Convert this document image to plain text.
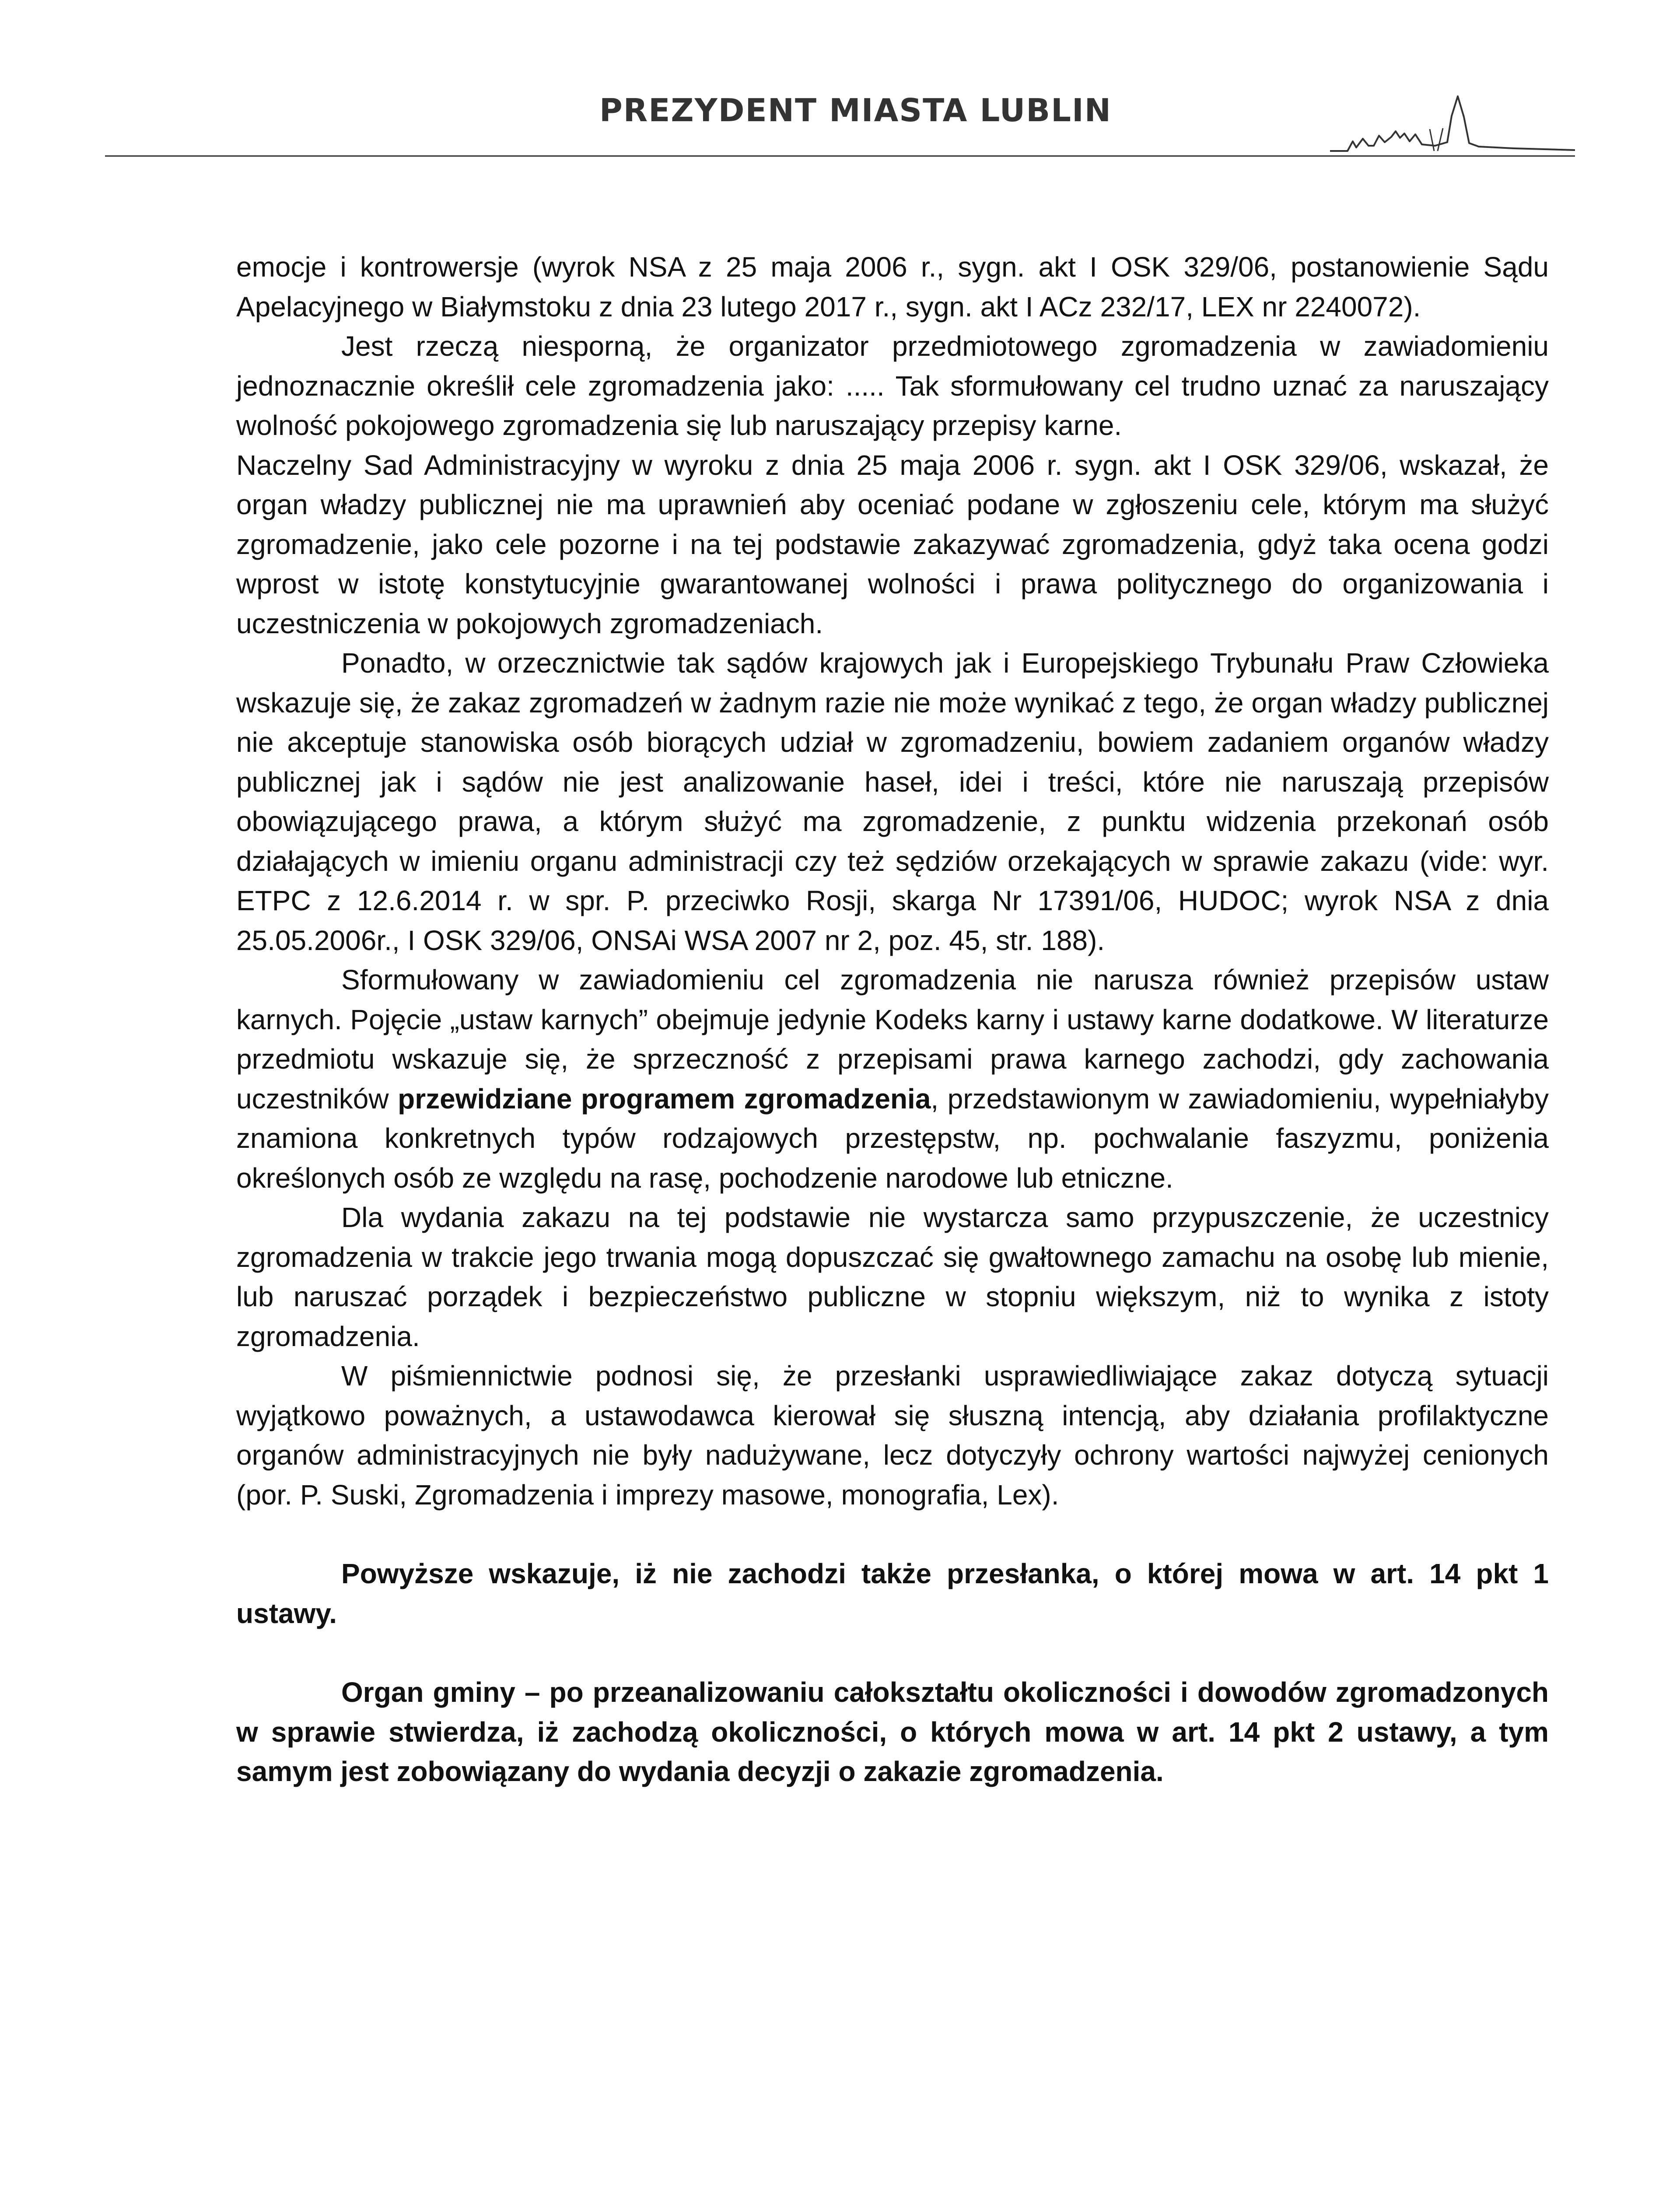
PREZYDENT MIASTA LUBLIN

emocje i kontrowersje (wyrok NSA z 25 maja 2006 r., sygn. akt I OSK 329/06, postanowienie Sądu Apelacyjnego w Białymstoku z dnia 23 lutego 2017 r., sygn. akt I ACz 232/17, LEX nr 2240072).

Jest rzeczą niesporną, że organizator przedmiotowego zgromadzenia w zawiadomieniu jednoznacznie określił cele zgromadzenia jako: ..... Tak sformułowany cel trudno uznać za naruszający wolność pokojowego zgromadzenia się lub naruszający przepisy karne.

Naczelny Sad Administracyjny w wyroku z dnia 25 maja 2006 r. sygn. akt I OSK 329/06, wskazał, że organ władzy publicznej nie ma uprawnień aby oceniać podane w zgłoszeniu cele, którym ma służyć zgromadzenie, jako cele pozorne i na tej podstawie zakazywać zgromadzenia, gdyż taka ocena godzi wprost w istotę konstytucyjnie gwarantowanej wolności i prawa politycznego do organizowania i uczestniczenia w pokojowych zgromadzeniach.

Ponadto, w orzecznictwie tak sądów krajowych jak i Europejskiego Trybunału Praw Człowieka wskazuje się, że zakaz zgromadzeń w żadnym razie nie może wynikać z tego, że organ władzy publicznej nie akceptuje stanowiska osób biorących udział w zgromadzeniu, bowiem zadaniem organów władzy publicznej jak i sądów nie jest analizowanie haseł, idei i treści, które nie naruszają przepisów obowiązującego prawa, a którym służyć ma zgromadzenie, z punktu widzenia przekonań osób działających w imieniu organu administracji czy też sędziów orzekających w sprawie zakazu (vide: wyr. ETPC z 12.6.2014 r. w spr. P. przeciwko Rosji, skarga Nr 17391/06, HUDOC; wyrok NSA z dnia 25.05.2006r., I OSK 329/06, ONSAi WSA 2007 nr 2, poz. 45, str. 188).

Sformułowany w zawiadomieniu cel zgromadzenia nie narusza również przepisów ustaw karnych. Pojęcie „ustaw karnych” obejmuje jedynie Kodeks karny i ustawy karne dodatkowe. W literaturze przedmiotu wskazuje się, że sprzeczność z przepisami prawa karnego zachodzi, gdy zachowania uczestników przewidziane programem zgromadzenia, przedstawionym w zawiadomieniu, wypełniałyby znamiona konkretnych typów rodzajowych przestępstw, np. pochwalanie faszyzmu, poniżenia określonych osób ze względu na rasę, pochodzenie narodowe lub etniczne.

Dla wydania zakazu na tej podstawie nie wystarcza samo przypuszczenie, że uczestnicy zgromadzenia w trakcie jego trwania mogą dopuszczać się gwałtownego zamachu na osobę lub mienie, lub naruszać porządek i bezpieczeństwo publiczne w stopniu większym, niż to wynika z istoty zgromadzenia.

W piśmiennictwie podnosi się, że przesłanki usprawiedliwiające zakaz dotyczą sytuacji wyjątkowo poważnych, a ustawodawca kierował się słuszną intencją, aby działania profilaktyczne organów administracyjnych nie były nadużywane, lecz dotyczyły ochrony wartości najwyżej cenionych (por. P. Suski, Zgromadzenia i imprezy masowe, monografia, Lex).

Powyższe wskazuje, iż nie zachodzi także przesłanka, o której mowa w art. 14 pkt 1 ustawy.

Organ gminy – po przeanalizowaniu całokształtu okoliczności i dowodów zgromadzonych w sprawie stwierdza, iż zachodzą okoliczności, o których mowa w art. 14 pkt 2 ustawy, a tym samym jest zobowiązany do wydania decyzji o zakazie zgromadzenia.
